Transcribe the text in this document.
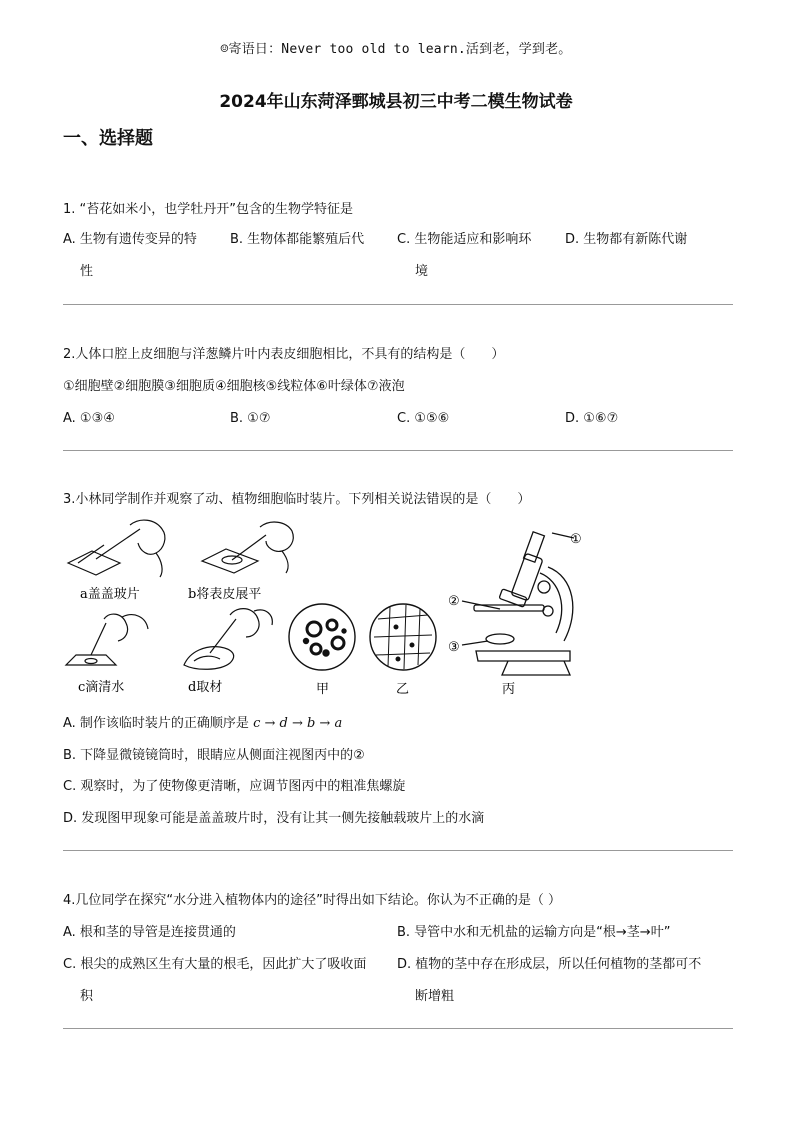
☺寄语日：Never too old to learn.活到老，学到老。
2024年山东菏泽鄄城县初三中考二模生物试卷
一、选择题
1. “苔花如米小，也学牡丹开”包含的生物学特征是
A. 生物有遗传变异的特
性
B. 生物体都能繁殖后代	C. 生物能适应和影响环
境
D. 生物都有新陈代谢
2.人体口腔上皮细胞与洋葱鳞片叶内表皮细胞相比，不具有的结构是（　　）
①细胞壁②细胞膜③细胞质④细胞核⑤线粒体⑥叶绿体⑦液泡
A. ①③④	B. ①⑦	C. ①⑤⑥	D. ①⑥⑦
3.小林同学制作并观察了动、植物细胞临时装片。下列相关说法错误的是（　　）
a盖盖玻片	b将表皮展平
c滴清水	d取材	甲	乙
①
②
③
丙
A. 制作该临时装片的正确顺序是 c → d → b → a
B. 下降显微镜镜筒时，眼睛应从侧面注视图丙中的②
C. 观察时，为了使物像更清晰，应调节图丙中的粗准焦螺旋
D. 发现图甲现象可能是盖盖玻片时，没有让其一侧先接触载玻片上的水滴
4.几位同学在探究“水分进入植物体内的途径”时得出如下结论。你认为不正确的是（ ）
A. 根和茎的导管是连接贯通的	B. 导管中水和无机盐的运输方向是“根→茎→叶”
C. 根尖的成熟区生有大量的根毛，因此扩大了吸收面
积
D. 植物的茎中存在形成层，所以任何植物的茎都可不
断增粗
